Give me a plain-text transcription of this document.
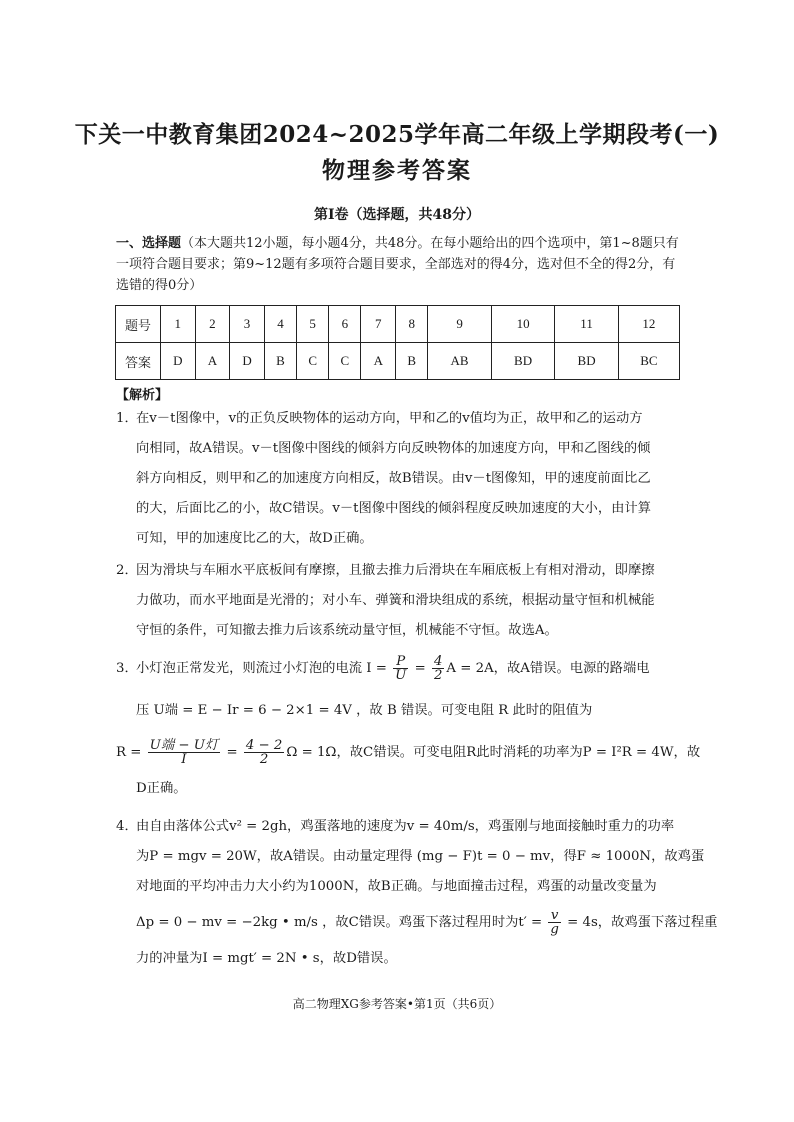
下关一中教育集团2024~2025学年高二年级上学期段考(一)
物理参考答案
第Ⅰ卷（选择题，共48分）
一、选择题（本大题共12小题，每小题4分，共48分。在每小题给出的四个选项中，第1~8题只有一项符合题目要求；第9~12题有多项符合题目要求，全部选对的得4分，选对但不全的得2分，有选错的得0分）
题号	1	2	3	4	5	6	7	8	9	10	11	12
答案	D	A	D	B	C	C	A	B	AB	BD	BD	BC
【解析】
1．
在v－t图像中，v的正负反映物体的运动方向，甲和乙的v值均为正，故甲和乙的运动方
向相同，故A错误。v－t图像中图线的倾斜方向反映物体的加速度方向，甲和乙图线的倾
斜方向相反，则甲和乙的加速度方向相反，故B错误。由v－t图像知，甲的速度前面比乙
的大，后面比乙的小，故C错误。v－t图像中图线的倾斜程度反映加速度的大小，由计算
可知，甲的加速度比乙的大，故D正确。
2．
因为滑块与车厢水平底板间有摩擦，且撤去推力后滑块在车厢底板上有相对滑动，即摩擦
力做功，而水平地面是光滑的；对小车、弹簧和滑块组成的系统，根据动量守恒和机械能
守恒的条件，可知撤去推力后该系统动量守恒，机械能不守恒。故选A。
3．
小灯泡正常发光，则流过小灯泡的电流 $I = \frac{P}{U} = \frac{4}{2}$ A = 2A，故A错误。电源的路端电
压 U端 = E − Ir = 6 − 2×1 = 4V ，故 B 错误。可变电阻 R 此时的阻值为
$R = \frac{\text{U端 − U灯}}{I} = \frac{4 - 2}{2}$ Ω = 1Ω，故C错误。可变电阻R此时消耗的功率为P = I²R = 4W，故
D正确。
4．
由自由落体公式v² = 2gh，鸡蛋落地的速度为v = 40m/s，鸡蛋刚与地面接触时重力的功率
为P = mgv = 20W，故A错误。由动量定理得 (mg − F)t = 0 − mv，得F ≈ 1000N，故鸡蛋
对地面的平均冲击力大小约为1000N，故B正确。与地面撞击过程，鸡蛋的动量改变量为
Δp = 0 − mv = −2kg • m/s ，故C错误。鸡蛋下落过程用时为$t' = \frac{v}{g} = 4s$，故鸡蛋下落过程重
力的冲量为I = mgt′ = 2N • s，故D错误。
高二物理XG参考答案•第1页（共6页）
